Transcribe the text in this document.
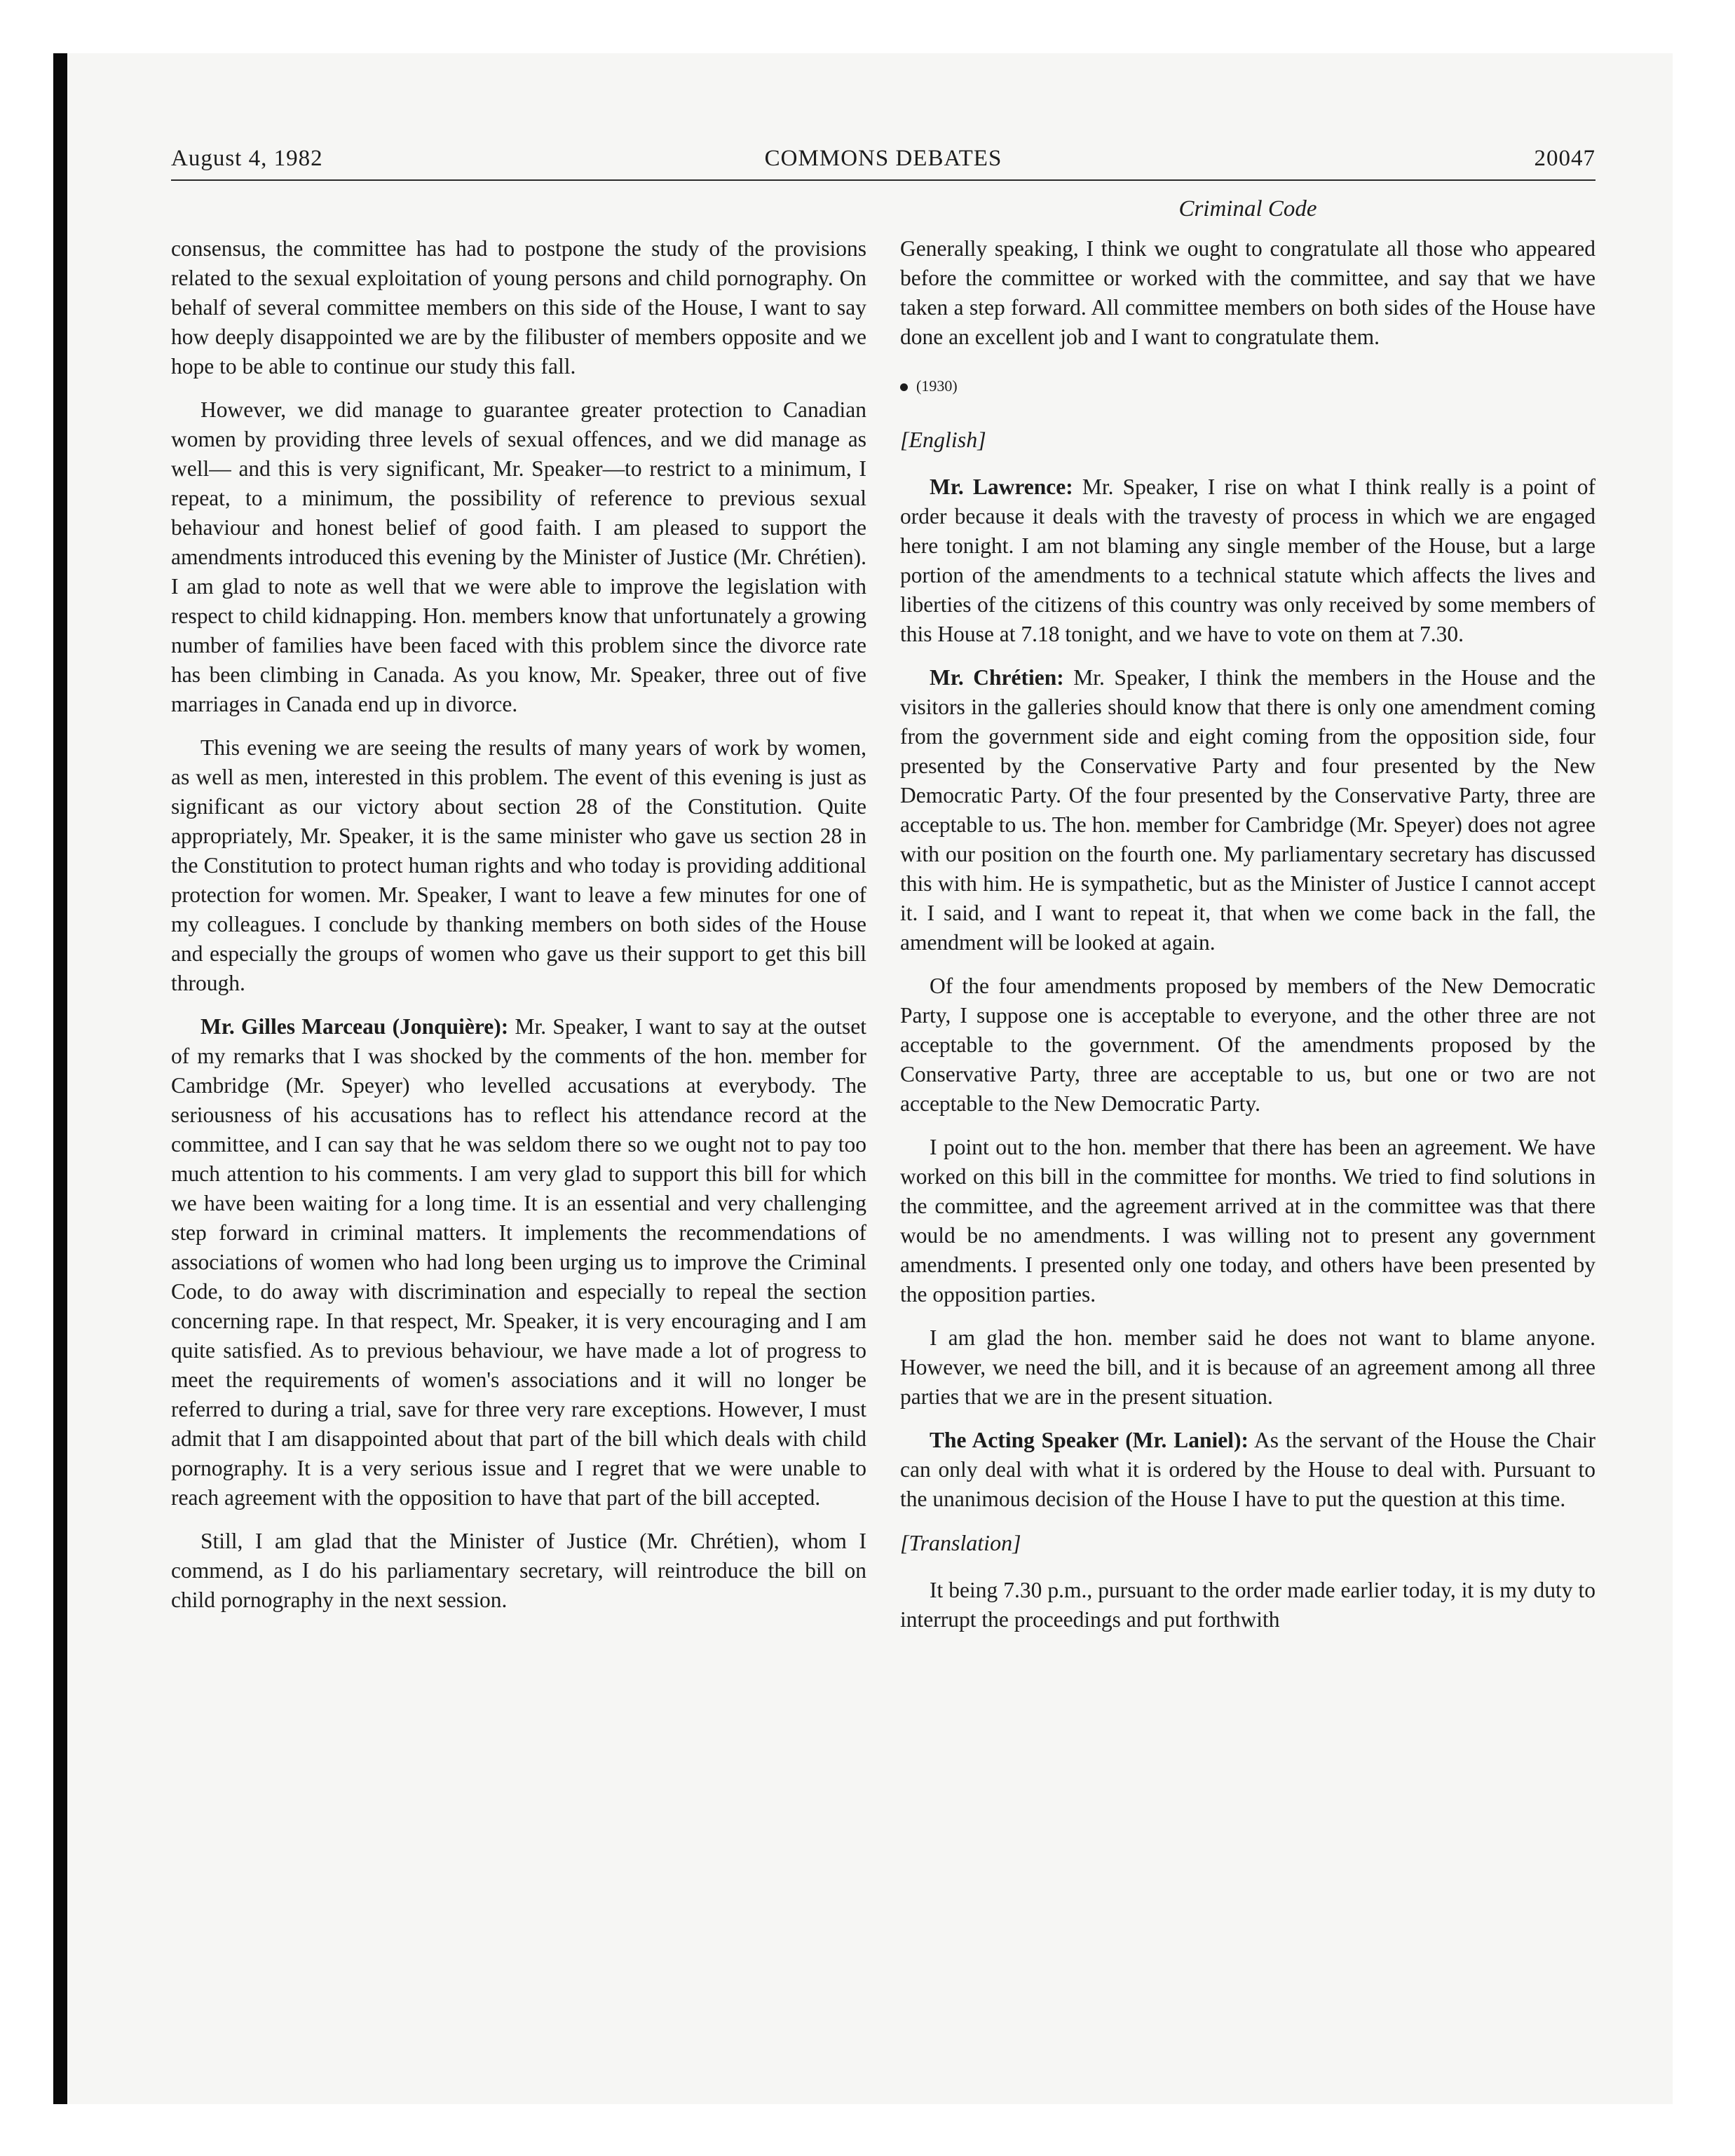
August 4, 1982	COMMONS DEBATES	20047
Criminal Code

consensus, the committee has had to postpone the study of the provisions related to the sexual exploitation of young persons and child pornography. On behalf of several committee members on this side of the House, I want to say how deeply disappointed we are by the filibuster of members opposite and we hope to be able to continue our study this fall.

However, we did manage to guarantee greater protection to Canadian women by providing three levels of sexual offences, and we did manage as well— and this is very significant, Mr. Speaker—to restrict to a minimum, I repeat, to a minimum, the possibility of reference to previous sexual behaviour and honest belief of good faith. I am pleased to support the amendments introduced this evening by the Minister of Justice (Mr. Chrétien). I am glad to note as well that we were able to improve the legislation with respect to child kidnapping. Hon. members know that unfortunately a growing number of families have been faced with this problem since the divorce rate has been climbing in Canada. As you know, Mr. Speaker, three out of five marriages in Canada end up in divorce.

This evening we are seeing the results of many years of work by women, as well as men, interested in this problem. The event of this evening is just as significant as our victory about section 28 of the Constitution. Quite appropriately, Mr. Speaker, it is the same minister who gave us section 28 in the Constitution to protect human rights and who today is providing additional protection for women. Mr. Speaker, I want to leave a few minutes for one of my colleagues. I conclude by thanking members on both sides of the House and especially the groups of women who gave us their support to get this bill through.

Mr. Gilles Marceau (Jonquière): Mr. Speaker, I want to say at the outset of my remarks that I was shocked by the comments of the hon. member for Cambridge (Mr. Speyer) who levelled accusations at everybody. The seriousness of his accusations has to reflect his attendance record at the committee, and I can say that he was seldom there so we ought not to pay too much attention to his comments. I am very glad to support this bill for which we have been waiting for a long time. It is an essential and very challenging step forward in criminal matters. It implements the recommendations of associations of women who had long been urging us to improve the Criminal Code, to do away with discrimination and especially to repeal the section concerning rape. In that respect, Mr. Speaker, it is very encouraging and I am quite satisfied. As to previous behaviour, we have made a lot of progress to meet the requirements of women's associations and it will no longer be referred to during a trial, save for three very rare exceptions. However, I must admit that I am disappointed about that part of the bill which deals with child pornography. It is a very serious issue and I regret that we were unable to reach agreement with the opposition to have that part of the bill accepted.

Still, I am glad that the Minister of Justice (Mr. Chrétien), whom I commend, as I do his parliamentary secretary, will reintroduce the bill on child pornography in the next session.

Generally speaking, I think we ought to congratulate all those who appeared before the committee or worked with the committee, and say that we have taken a step forward. All committee members on both sides of the House have done an excellent job and I want to congratulate them.

(1930)

[English]

Mr. Lawrence: Mr. Speaker, I rise on what I think really is a point of order because it deals with the travesty of process in which we are engaged here tonight. I am not blaming any single member of the House, but a large portion of the amendments to a technical statute which affects the lives and liberties of the citizens of this country was only received by some members of this House at 7.18 tonight, and we have to vote on them at 7.30.

Mr. Chrétien: Mr. Speaker, I think the members in the House and the visitors in the galleries should know that there is only one amendment coming from the government side and eight coming from the opposition side, four presented by the Conservative Party and four presented by the New Democratic Party. Of the four presented by the Conservative Party, three are acceptable to us. The hon. member for Cambridge (Mr. Speyer) does not agree with our position on the fourth one. My parliamentary secretary has discussed this with him. He is sympathetic, but as the Minister of Justice I cannot accept it. I said, and I want to repeat it, that when we come back in the fall, the amendment will be looked at again.

Of the four amendments proposed by members of the New Democratic Party, I suppose one is acceptable to everyone, and the other three are not acceptable to the government. Of the amendments proposed by the Conservative Party, three are acceptable to us, but one or two are not acceptable to the New Democratic Party.

I point out to the hon. member that there has been an agreement. We have worked on this bill in the committee for months. We tried to find solutions in the committee, and the agreement arrived at in the committee was that there would be no amendments. I was willing not to present any government amendments. I presented only one today, and others have been presented by the opposition parties.

I am glad the hon. member said he does not want to blame anyone. However, we need the bill, and it is because of an agreement among all three parties that we are in the present situation.

The Acting Speaker (Mr. Laniel): As the servant of the House the Chair can only deal with what it is ordered by the House to deal with. Pursuant to the unanimous decision of the House I have to put the question at this time.

[Translation]

It being 7.30 p.m., pursuant to the order made earlier today, it is my duty to interrupt the proceedings and put forthwith
